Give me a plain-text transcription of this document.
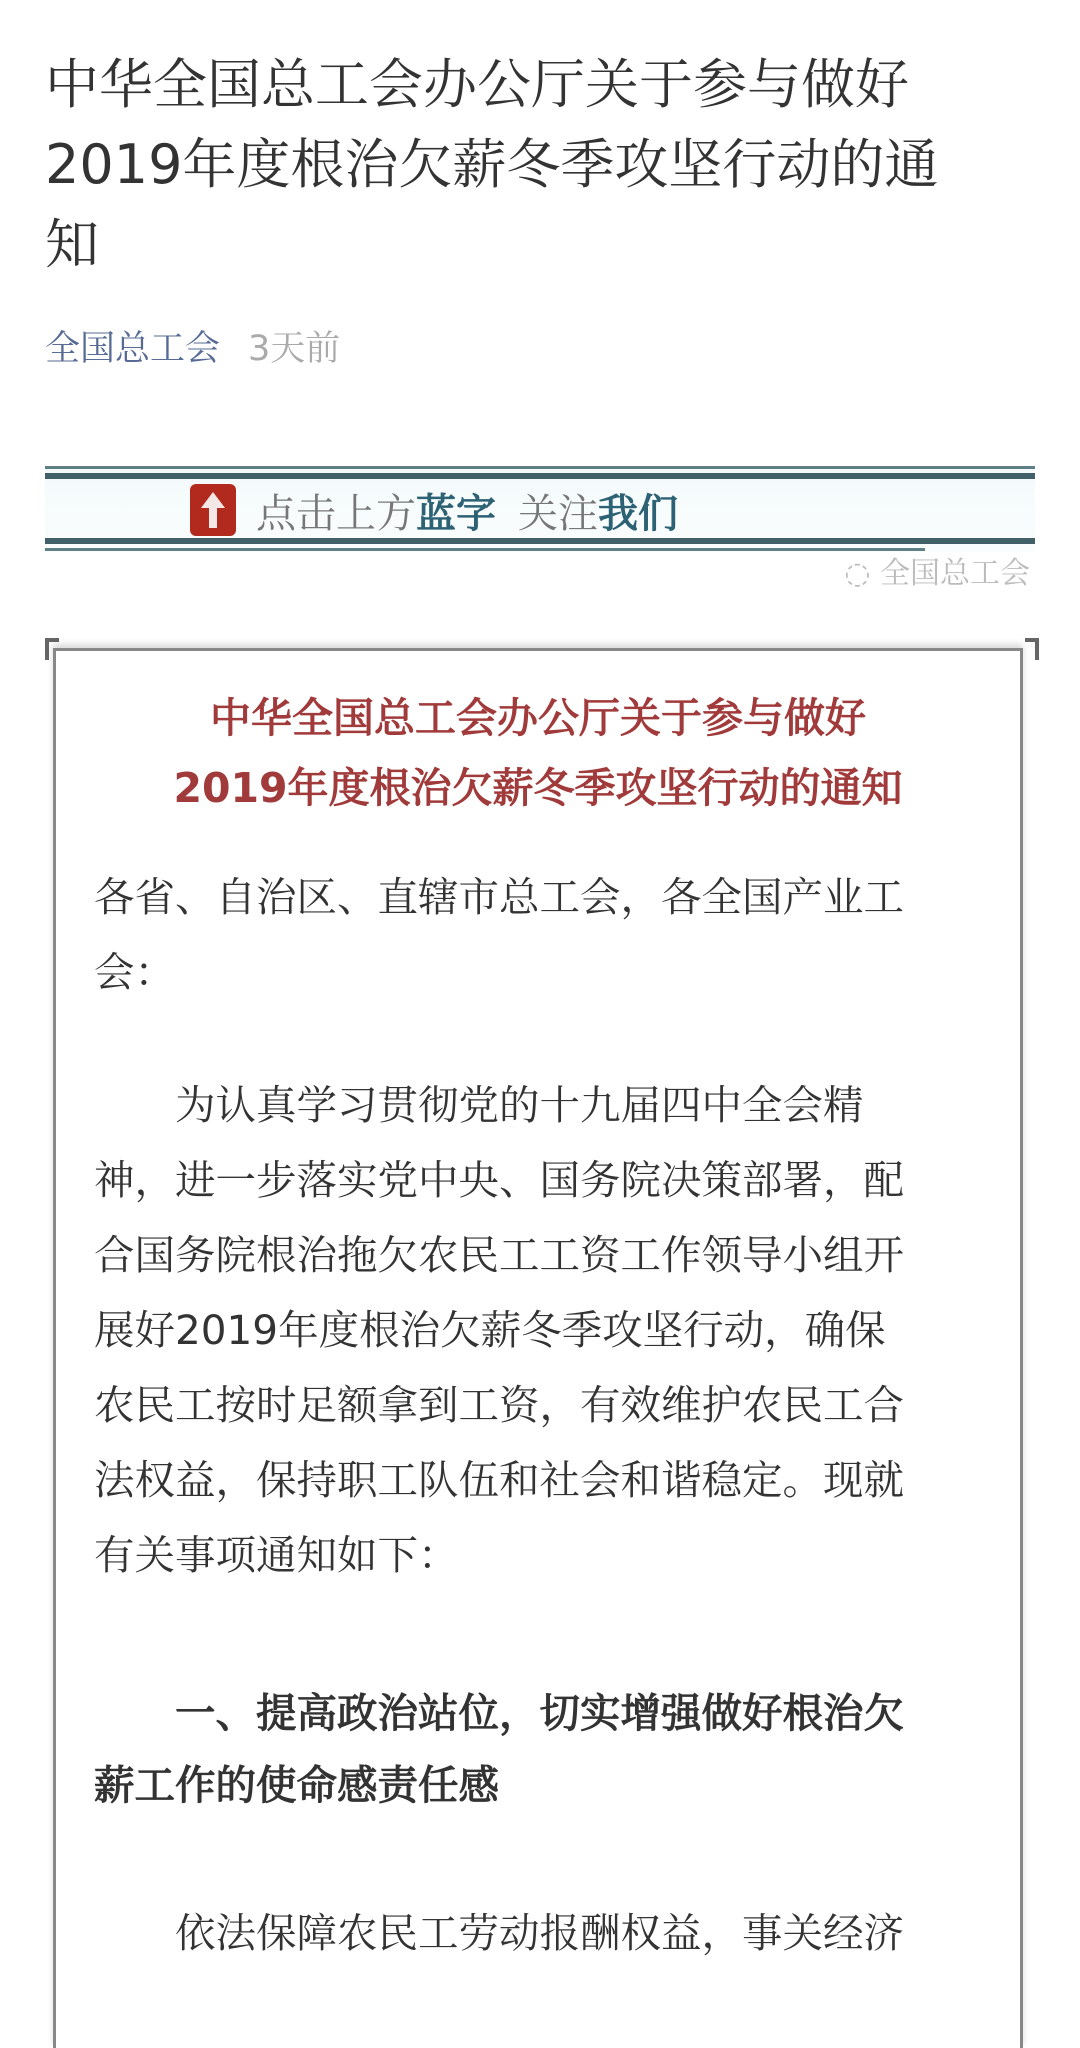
中华全国总工会办公厅关于参与做好
2019年度根治欠薪冬季攻坚行动的通
知
全国总工会 3天前
点击上方 蓝字 关注 我们
◌ 全国总工会
中华全国总工会办公厅关于参与做好
2019年度根治欠薪冬季攻坚行动的通知
各省、自治区、直辖市总工会，各全国产业工
会：
　　为认真学习贯彻党的十九届四中全会精
神，进一步落实党中央、国务院决策部署，配
合国务院根治拖欠农民工工资工作领导小组开
展好2019年度根治欠薪冬季攻坚行动，确保
农民工按时足额拿到工资，有效维护农民工合
法权益，保持职工队伍和社会和谐稳定。现就
有关事项通知如下：
　　一、提高政治站位，切实增强做好根治欠
薪工作的使命感责任感
　　依法保障农民工劳动报酬权益，事关经济
